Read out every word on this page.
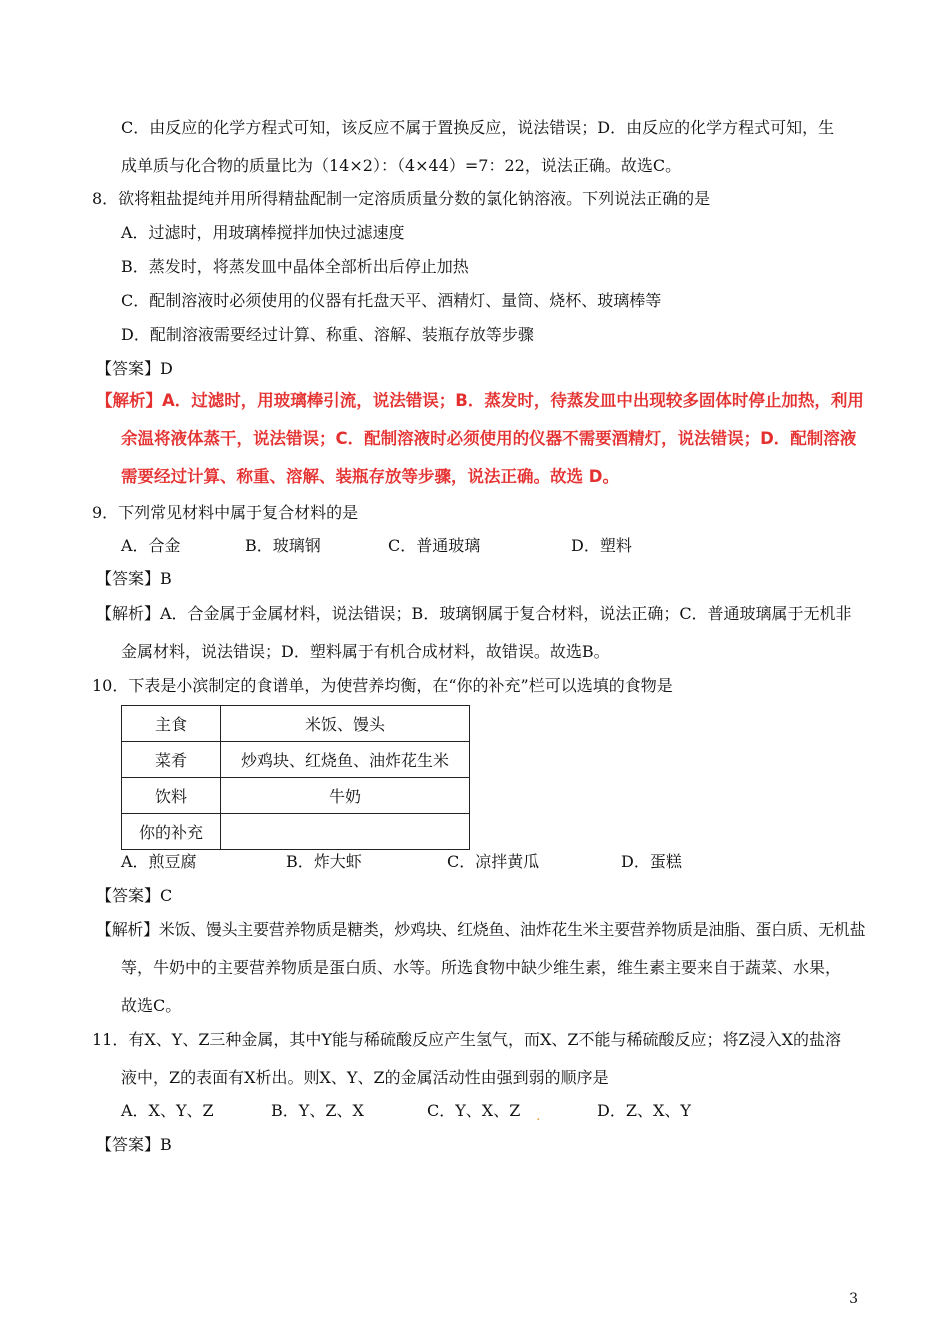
C．由反应的化学方程式可知，该反应不属于置换反应，说法错误；D．由反应的化学方程式可知，生
成单质与化合物的质量比为（14×2）：（4×44）=7：22，说法正确。故选C。
8．欲将粗盐提纯并用所得精盐配制一定溶质质量分数的氯化钠溶液。下列说法正确的是
A．过滤时，用玻璃棒搅拌加快过滤速度
B．蒸发时，将蒸发皿中晶体全部析出后停止加热
C．配制溶液时必须使用的仪器有托盘天平、酒精灯、量筒、烧杯、玻璃棒等
D．配制溶液需要经过计算、称重、溶解、装瓶存放等步骤
【答案】D
【解析】A．过滤时，用玻璃棒引流，说法错误；B．蒸发时，待蒸发皿中出现较多固体时停止加热，利用
余温将液体蒸干，说法错误；C．配制溶液时必须使用的仪器不需要酒精灯，说法错误；D．配制溶液
需要经过计算、称重、溶解、装瓶存放等步骤，说法正确。故选 D。
9．下列常见材料中属于复合材料的是
A．合金	B．玻璃钢	C．普通玻璃	D．塑料
【答案】B
【解析】A．合金属于金属材料，说法错误；B．玻璃钢属于复合材料，说法正确；C．普通玻璃属于无机非
金属材料，说法错误；D．塑料属于有机合成材料，故错误。故选B。
10．下表是小滨制定的食谱单，为使营养均衡，在“你的补充”栏可以选填的食物是
主食	米饭、馒头
菜肴	炒鸡块、红烧鱼、油炸花生米
饮料	牛奶
你的补充	
A．煎豆腐	B．炸大虾	C．凉拌黄瓜	D．蛋糕
【答案】C
【解析】米饭、馒头主要营养物质是糖类，炒鸡块、红烧鱼、油炸花生米主要营养物质是油脂、蛋白质、无机盐
等，牛奶中的主要营养物质是蛋白质、水等。所选食物中缺少维生素，维生素主要来自于蔬菜、水果，
故选C。
11．有X、Y、Z三种金属，其中Y能与稀硫酸反应产生氢气，而X、Z不能与稀硫酸反应；将Z浸入X的盐溶
液中，Z的表面有X析出。则X、Y、Z的金属活动性由强到弱的顺序是
A．X、Y、Z	B．Y、Z、X	C．Y、X、Z .	D．Z、X、Y
【答案】B
3
